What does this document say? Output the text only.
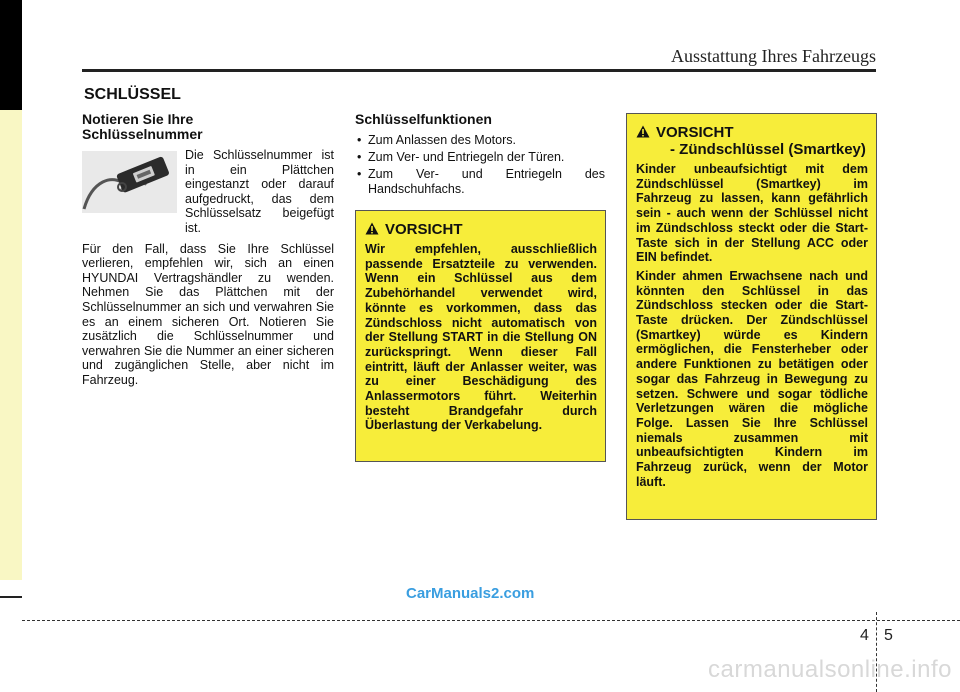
Ausstattung Ihres Fahrzeugs
SCHLÜSSEL
Notieren Sie Ihre
Schlüsselnummer
Die Schlüsselnummer ist in ein Plättchen eingestanzt oder darauf aufgedruckt, das dem Schlüsselsatz beigefügt ist.

Für den Fall, dass Sie Ihre Schlüssel verlieren, empfehlen wir, sich an einen HYUNDAI Vertragshändler zu wenden. Nehmen Sie das Plättchen mit der Schlüsselnummer an sich und verwahren Sie es an einem sicheren Ort. Notieren Sie zusätzlich die Schlüsselnummer und verwahren Sie die Nummer an einer sicheren und zugänglichen Stelle, aber nicht im Fahrzeug.

Schlüsselfunktionen
• Zum Anlassen des Motors.
• Zum Ver- und Entriegeln der Türen.
• Zum Ver- und Entriegeln des Handschuhfachs.
VORSICHT

Wir empfehlen, ausschließlich passende Ersatzteile zu verwenden. Wenn ein Schlüssel aus dem Zubehörhandel verwendet wird, könnte es vorkommen, dass das Zündschloss nicht automatisch von der Stellung START in die Stellung ON zurückspringt. Wenn dieser Fall eintritt, läuft der Anlasser weiter, was zu einer Beschädigung des Anlassermotors führt. Weiterhin besteht Brandgefahr durch Überlastung der Verkabelung.

VORSICHT
- Zündschlüssel (Smartkey)

Kinder unbeaufsichtigt mit dem Zündschlüssel (Smartkey) im Fahrzeug zu lassen, kann gefährlich sein - auch wenn der Schlüssel nicht im Zündschloss steckt oder die Start-Taste sich in der Stellung ACC oder EIN befindet.

Kinder ahmen Erwachsene nach und könnten den Schlüssel in das Zündschloss stecken oder die Start-Taste drücken. Der Zündschlüssel (Smartkey) würde es Kindern ermöglichen, die Fensterheber oder andere Funktionen zu betätigen oder sogar das Fahrzeug in Bewegung zu setzen. Schwere und sogar tödliche Verletzungen wären die mögliche Folge. Lassen Sie Ihre Schlüssel niemals zusammen mit unbeaufsichtigten Kindern im Fahrzeug zurück, wenn der Motor läuft.

CarManuals2.com
4 5
carmanualsonline.info
